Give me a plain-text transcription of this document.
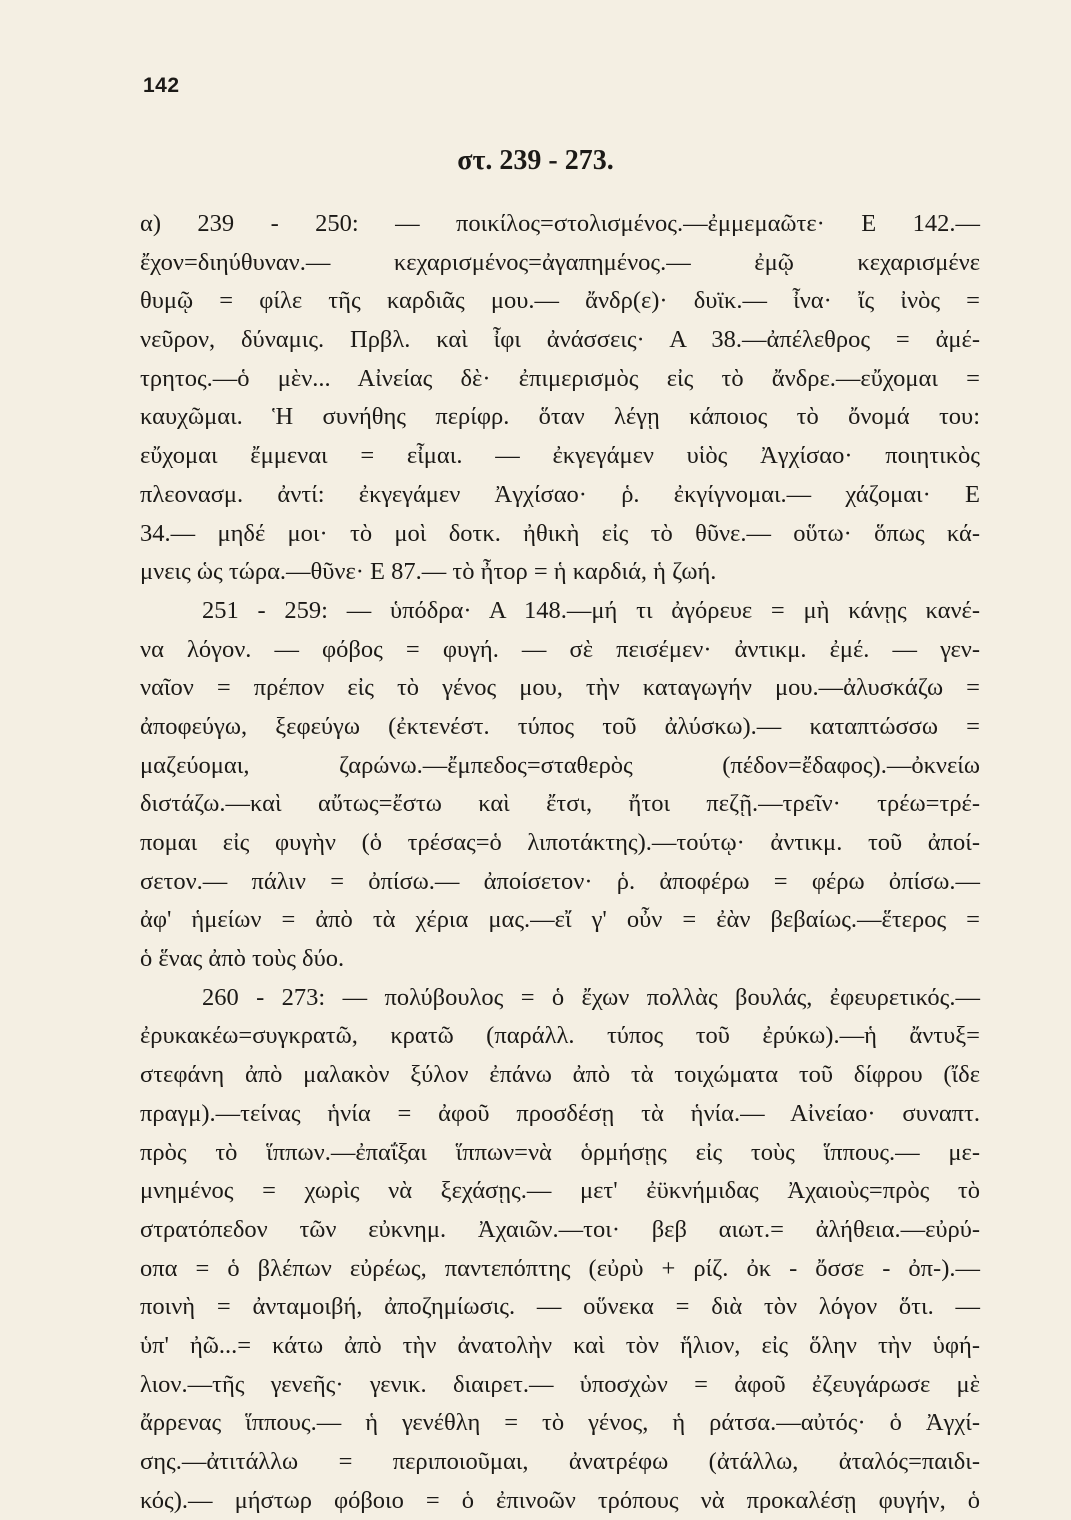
142
στ. 239 - 273.
α) 239 - 250: — ποικίλος=στολισμένος.—ἐμμεμαῶτε· Ε 142.—
ἔχον=διηύθυναν.— κεχαρισμένος=ἀγαπημένος.— ἐμῷ κεχαρισμένε
θυμῷ = φίλε τῆς καρδιᾶς μου.— ἄνδρ(ε)· δυϊκ.— ἶνα· ἴς ἰνὸς =
νεῦρον, δύναμις. Πρβλ. καὶ ἶφι ἀνάσσεις· Α 38.—ἀπέλεθρος = ἀμέ-
τρητος.—ὁ μὲν... Αἰνείας δὲ· ἐπιμερισμὸς εἰς τὸ ἄνδρε.—εὔχομαι =
καυχῶμαι. Ἡ συνήθης περίφρ. ὅταν λέγῃ κάποιος τὸ ὄνομά του:
εὔχομαι ἔμμεναι = εἶμαι. — ἐκγεγάμεν υἱὸς Ἀγχίσαο· ποιητικὸς
πλεονασμ. ἀντί: ἐκγεγάμεν Ἀγχίσαο· ῥ. ἐκγίγνομαι.— χάζομαι· Ε
34.— μηδέ μοι· τὸ μοὶ δοτκ. ἠθικὴ εἰς τὸ θῦνε.— οὕτω· ὅπως κά-
μνεις ὡς τώρα.—θῦνε· Ε 87.— τὸ ἦτορ = ἡ καρδιά, ἡ ζωή.
251 - 259: — ὑπόδρα· Α 148.—μή τι ἀγόρευε = μὴ κάνῃς κανέ-
να λόγον. — φόβος = φυγή. — σὲ πεισέμεν· ἀντικμ. ἐμέ. — γεν-
ναῖον = πρέπον εἰς τὸ γένος μου, τὴν καταγωγήν μου.—ἀλυσκάζω =
ἀποφεύγω, ξεφεύγω (ἐκτενέστ. τύπος τοῦ ἀλύσκω).— καταπτώσσω =
μαζεύομαι, ζαρώνω.—ἔμπεδος=σταθερὸς (πέδον=ἔδαφος).—ὀκνείω
διστάζω.—καὶ αὔτως=ἔστω καὶ ἔτσι, ἤτοι πεζῇ.—τρεῖν· τρέω=τρέ-
πομαι εἰς φυγὴν (ὁ τρέσας=ὁ λιποτάκτης).—τούτῳ· ἀντικμ. τοῦ ἀποί-
σετον.— πάλιν = ὀπίσω.— ἀποίσετον· ῥ. ἀποφέρω = φέρω ὀπίσω.—
ἀφ' ἡμείων = ἀπὸ τὰ χέρια μας.—εἴ γ' οὖν = ἐὰν βεβαίως.—ἕτερος =
ὁ ἕνας ἀπὸ τοὺς δύο.
260 - 273: — πολύβουλος = ὁ ἔχων πολλὰς βουλάς, ἐφευρετικός.—
ἐρυκακέω=συγκρατῶ, κρατῶ (παράλλ. τύπος τοῦ ἐρύκω).—ἡ ἄντυξ=
στεφάνη ἀπὸ μαλακὸν ξύλον ἐπάνω ἀπὸ τὰ τοιχώματα τοῦ δίφρου (ἴδε
πραγμ).—τείνας ἡνία = ἀφοῦ προσδέσῃ τὰ ἡνία.— Αἰνείαο· συναπτ.
πρὸς τὸ ἵππων.—ἐπαΐξαι ἵππων=νὰ ὁρμήσῃς εἰς τοὺς ἵππους.— με-
μνημένος = χωρὶς νὰ ξεχάσῃς.— μετ' ἐϋκνήμιδας Ἀχαιοὺς=πρὸς τὸ
στρατόπεδον τῶν εὐκνημ. Ἀχαιῶν.—τοι· βεβ αιωτ.= ἀλήθεια.—εὐρύ-
οπα = ὁ βλέπων εὐρέως, παντεπόπτης (εὐρὺ + ρίζ. ὀκ - ὄσσε - ὀπ-).—
ποινὴ = ἀνταμοιβή, ἀποζημίωσις. — οὕνεκα = διὰ τὸν λόγον ὅτι. —
ὑπ' ἠῶ...= κάτω ἀπὸ τὴν ἀνατολὴν καὶ τὸν ἥλιον, εἰς ὅλην τὴν ὑφή-
λιον.—τῆς γενεῆς· γενικ. διαιρετ.— ὑποσχὼν = ἀφοῦ ἐζευγάρωσε μὲ
ἄρρενας ἵππους.— ἡ γενέθλη = τὸ γένος, ἡ ράτσα.—αὐτός· ὁ Ἀγχί-
σης.—ἀτιτάλλω = περιποιοῦμαι, ἀνατρέφω (ἀτάλλω, ἀταλός=παιδι-
κός).— μήστωρ φόβοιο = ὁ ἐπινοῶν τρόπους νὰ προκαλέσῃ φυγήν, ὁ
